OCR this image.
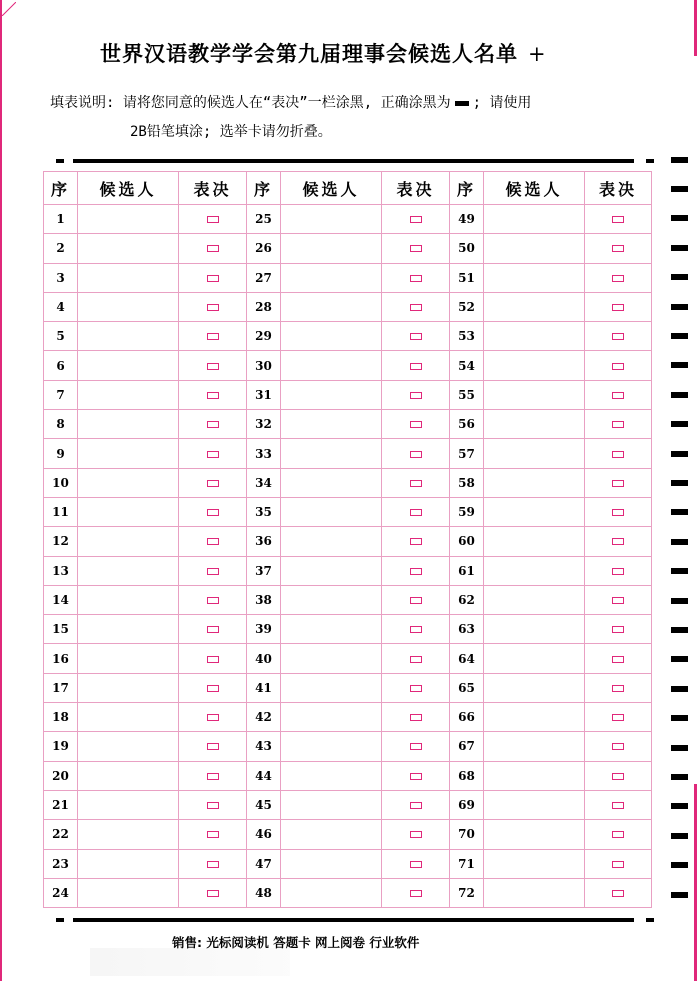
世界汉语教学学会第九届理事会候选人名单 +
填表说明: 请将您同意的候选人在“表决”一栏涂黑, 正确涂黑为 ; 请使用
2B铅笔填涂; 选举卡请勿折叠。
序	候选人	表决	序	候选人	表决	序	候选人	表决
1			25			49		
2			26			50		
3			27			51		
4			28			52		
5			29			53		
6			30			54		
7			31			55		
8			32			56		
9			33			57		
10			34			58		
11			35			59		
12			36			60		
13			37			61		
14			38			62		
15			39			63		
16			40			64		
17			41			65		
18			42			66		
19			43			67		
20			44			68		
21			45			69		
22			46			70		
23			47			71		
24			48			72		
销售: 光标阅读机 答题卡 网上阅卷 行业软件
